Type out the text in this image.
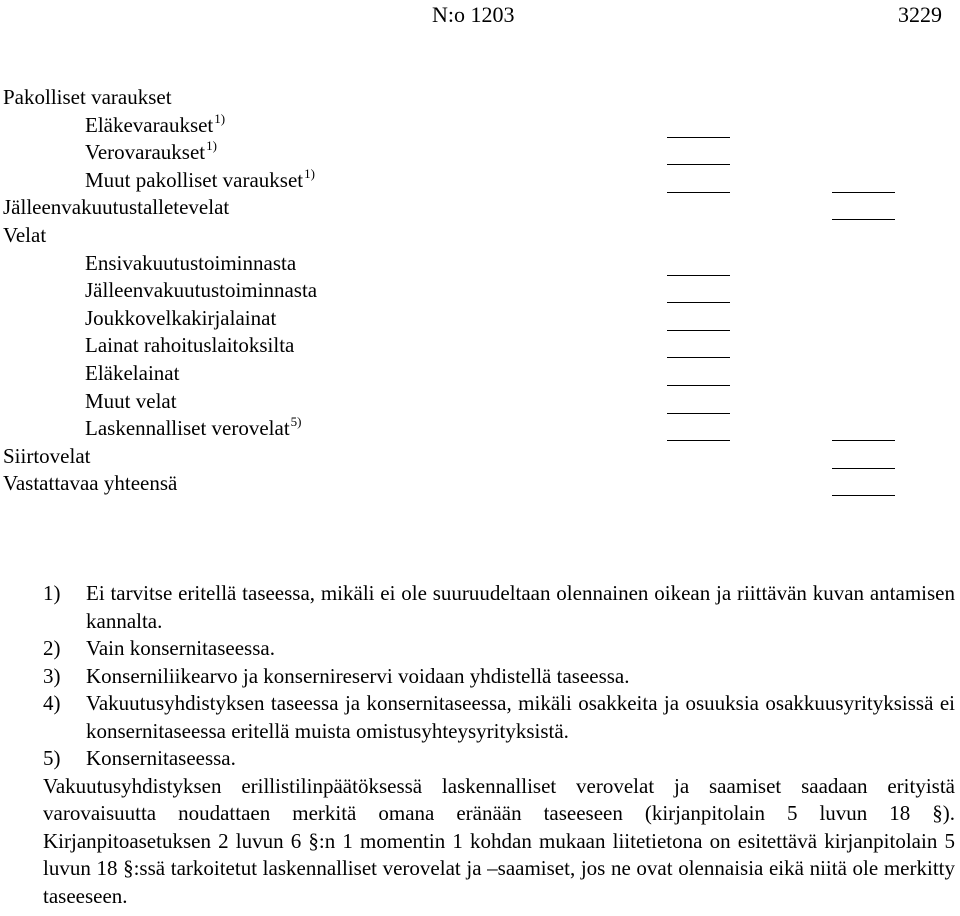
N:o 1203	3229
Pakolliset varaukset
Eläkevaraukset$^{1)}$
Verovaraukset$^{1)}$
Muut pakolliset varaukset$^{1)}$
Jälleenvakuutustalletevelat
Velat
Ensivakuutustoiminnasta
Jälleenvakuutustoiminnasta
Joukkovelkakirjalainat
Lainat rahoituslaitoksilta
Eläkelainat
Muut velat
Laskennalliset verovelat$^{5)}$
Siirtovelat
Vastattavaa yhteensä
1) Ei tarvitse eritellä taseessa, mikäli ei ole suuruudeltaan olennainen oikean ja riittävän kuvan antamisen kannalta.
2) Vain konsernitaseessa.
3) Konserniliikearvo ja konsernireservi voidaan yhdistellä taseessa.
4) Vakuutusyhdistyksen taseessa ja konsernitaseessa, mikäli osakkeita ja osuuksia osakkuusyrityksissä ei konsernitaseessa eritellä muista omistusyhteysyrityksistä.
5) Konsernitaseessa.
Vakuutusyhdistyksen erillistilinpäätöksessä laskennalliset verovelat ja saamiset saadaan erityistä varovaisuutta noudattaen merkitä omana eränään taseeseen (kirjanpitolain 5 luvun 18 §). Kirjanpitoasetuksen 2 luvun 6 §:n 1 momentin 1 kohdan mukaan liitetietona on esitettävä kirjanpitolain 5 luvun 18 §:ssä tarkoitetut laskennalliset verovelat ja –saamiset, jos ne ovat olennaisia eikä niitä ole merkitty taseeseen.
